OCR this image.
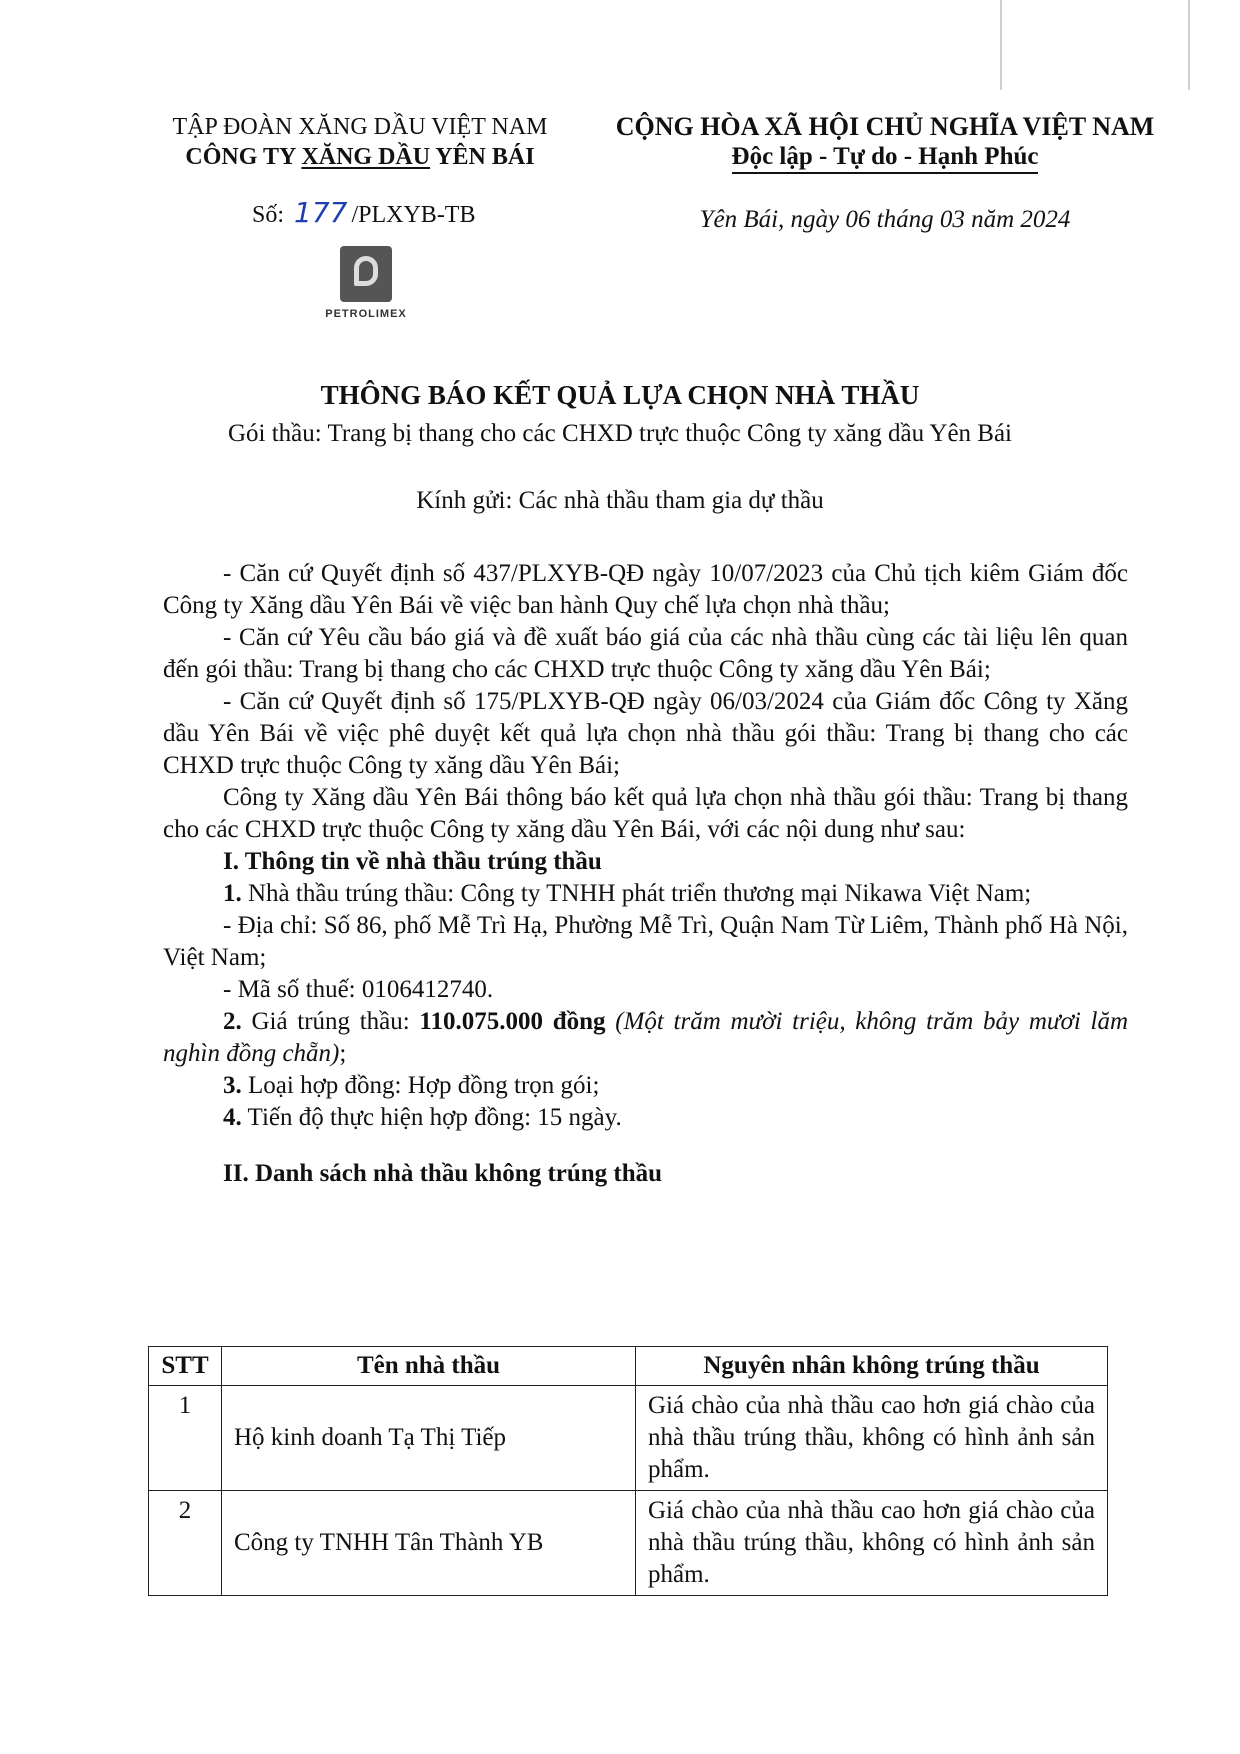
TẬP ĐOÀN XĂNG DẦU VIỆT NAM
CÔNG TY XĂNG DẦU YÊN BÁI
Số: 177 /PLXYB-TB
PETROLIMEX
CỘNG HÒA XÃ HỘI CHỦ NGHĨA VIỆT NAM
Độc lập - Tự do - Hạnh Phúc
Yên Bái, ngày 06 tháng 03 năm 2024
THÔNG BÁO KẾT QUẢ LỰA CHỌN NHÀ THẦU
Gói thầu: Trang bị thang cho các CHXD trực thuộc Công ty xăng dầu Yên Bái
Kính gửi: Các nhà thầu tham gia dự thầu

- Căn cứ Quyết định số 437/PLXYB-QĐ ngày 10/07/2023 của Chủ tịch kiêm Giám đốc Công ty Xăng dầu Yên Bái về việc ban hành Quy chế lựa chọn nhà thầu;

- Căn cứ Yêu cầu báo giá và đề xuất báo giá của các nhà thầu cùng các tài liệu lên quan đến gói thầu: Trang bị thang cho các CHXD trực thuộc Công ty xăng dầu Yên Bái;

- Căn cứ Quyết định số 175/PLXYB-QĐ ngày 06/03/2024 của Giám đốc Công ty Xăng dầu Yên Bái về việc phê duyệt kết quả lựa chọn nhà thầu gói thầu: Trang bị thang cho các CHXD trực thuộc Công ty xăng dầu Yên Bái;

Công ty Xăng dầu Yên Bái thông báo kết quả lựa chọn nhà thầu gói thầu: Trang bị thang cho các CHXD trực thuộc Công ty xăng dầu Yên Bái, với các nội dung như sau:

I. Thông tin về nhà thầu trúng thầu

1. Nhà thầu trúng thầu: Công ty TNHH phát triển thương mại Nikawa Việt Nam;

- Địa chỉ: Số 86, phố Mễ Trì Hạ, Phường Mễ Trì, Quận Nam Từ Liêm, Thành phố Hà Nội, Việt Nam;

- Mã số thuế: 0106412740.

2. Giá trúng thầu: 110.075.000 đồng (Một trăm mười triệu, không trăm bảy mươi lăm nghìn đồng chẵn);

3. Loại hợp đồng: Hợp đồng trọn gói;

4. Tiến độ thực hiện hợp đồng: 15 ngày.

II. Danh sách nhà thầu không trúng thầu

STT	Tên nhà thầu	Nguyên nhân không trúng thầu
1	Hộ kinh doanh Tạ Thị Tiếp	Giá chào của nhà thầu cao hơn giá chào của nhà thầu trúng thầu, không có hình ảnh sản phẩm.
2	Công ty TNHH Tân Thành YB	Giá chào của nhà thầu cao hơn giá chào của nhà thầu trúng thầu, không có hình ảnh sản phẩm.
